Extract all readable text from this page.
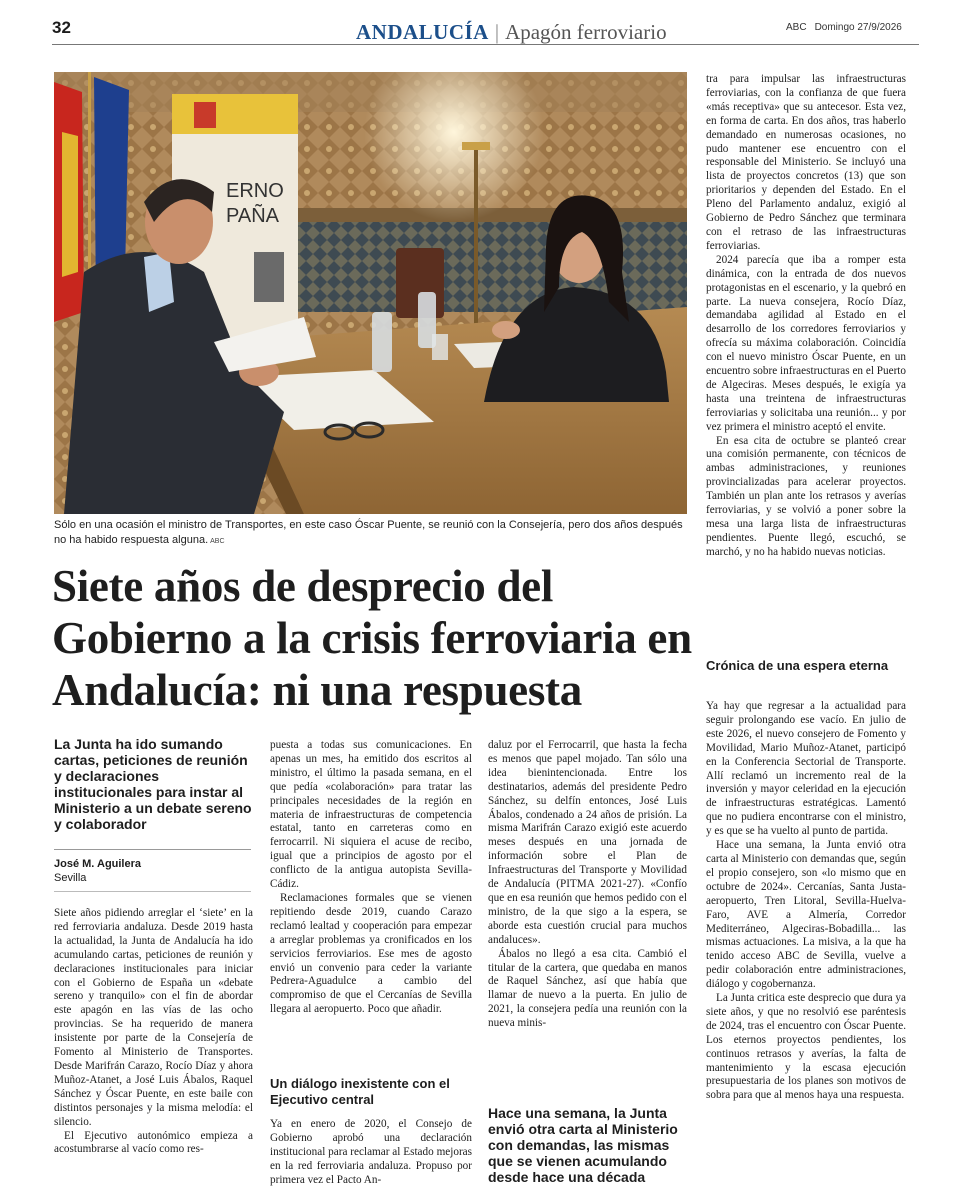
32	ANDALUCÍA | Apagón ferroviario	ABC Domingo 27/9/2026
ERNO
PAÑA
Sólo en una ocasión el ministro de Transportes, en este caso Óscar Puente, se reunió con la Consejería, pero dos años después no ha habido respuesta alguna. ABC
Siete años de desprecio del Gobierno a la crisis ferroviaria en Andalucía: ni una respuesta
La Junta ha ido sumando cartas, peticiones de reunión y declaraciones institucionales para instar al Ministerio a un debate sereno y colaborador
José M. Aguilera
Sevilla

Siete años pidiendo arreglar el ‘siete’ en la red ferroviaria andaluza. Desde 2019 hasta la actualidad, la Junta de Andalucía ha ido acumulando cartas, peticiones de reunión y declaraciones institucionales para iniciar con el Gobierno de España un «debate sereno y tranquilo» con el fin de abordar este apagón en las vías de las ocho provincias. Se ha requerido de manera insistente por parte de la Consejería de Fomento al Ministerio de Transportes. Desde Marifrán Carazo, Rocío Díaz y ahora Muñoz-Atanet, a José Luis Ábalos, Raquel Sánchez y Óscar Puente, en este baile con distintos personajes y la misma melodía: el silencio.

El Ejecutivo autonómico empieza a acostumbrarse al vacío como res-

puesta a todas sus comunicaciones. En apenas un mes, ha emitido dos escritos al ministro, el último la pasada semana, en el que pedía «colaboración» para tratar las principales necesidades de la región en materia de infraestructuras de competencia estatal, tanto en carreteras como en ferrocarril. Ni siquiera el acuse de recibo, igual que a principios de agosto por el conflicto de la antigua autopista Sevilla-Cádiz.

Reclamaciones formales que se vienen repitiendo desde 2019, cuando Carazo reclamó lealtad y cooperación para empezar a arreglar problemas ya cronificados en los servicios ferroviarios. Ese mes de agosto envió un convenio para ceder la variante Pedrera-Aguadulce a cambio del compromiso de que el Cercanías de Sevilla llegara al aeropuerto. Poco que añadir.

Un diálogo inexistente con el Ejecutivo central

Ya en enero de 2020, el Consejo de Gobierno aprobó una declaración institucional para reclamar al Estado mejoras en la red ferroviaria andaluza. Propuso por primera vez el Pacto An-

daluz por el Ferrocarril, que hasta la fecha es menos que papel mojado. Tan sólo una idea bienintencionada. Entre los destinatarios, además del presidente Pedro Sánchez, su delfín entonces, José Luis Ábalos, condenado a 24 años de prisión. La misma Marifrán Carazo exigió este acuerdo meses después en una jornada de información sobre el Plan de Infraestructuras del Transporte y Movilidad de Andalucía (PITMA 2021-27). «Confío que en esa reunión que hemos pedido con el ministro, de la que sigo a la espera, se aborde esta cuestión crucial para muchos andaluces».

Ábalos no llegó a esa cita. Cambió el titular de la cartera, que quedaba en manos de Raquel Sánchez, así que había que llamar de nuevo a la puerta. En julio de 2021, la consejera pedía una reunión con la nueva minis-

Hace una semana, la Junta envió otra carta al Ministerio con demandas, las mismas que se vienen acumulando desde hace una década

tra para impulsar las infraestructuras ferroviarias, con la confianza de que fuera «más receptiva» que su antecesor. Esta vez, en forma de carta. En dos años, tras haberlo demandado en numerosas ocasiones, no pudo mantener ese encuentro con el responsable del Ministerio. Se incluyó una lista de proyectos concretos (13) que son prioritarios y dependen del Estado. En el Pleno del Parlamento andaluz, exigió al Gobierno de Pedro Sánchez que terminara con el retraso de las infraestructuras ferroviarias.

2024 parecía que iba a romper esta dinámica, con la entrada de dos nuevos protagonistas en el escenario, y la quebró en parte. La nueva consejera, Rocío Díaz, demandaba agilidad al Estado en el desarrollo de los corredores ferroviarios y ofrecía su máxima colaboración. Coincidía con el nuevo ministro Óscar Puente, en un encuentro sobre infraestructuras en el Puerto de Algeciras. Meses después, le exigía ya hasta una treintena de infraestructuras ferroviarias y solicitaba una reunión... y por vez primera el ministro aceptó el envite.

En esa cita de octubre se planteó crear una comisión permanente, con técnicos de ambas administraciones, y reuniones provincializadas para acelerar proyectos. También un plan ante los retrasos y averías ferroviarias, y se volvió a poner sobre la mesa una larga lista de infraestructuras pendientes. Puente llegó, escuchó, se marchó, y no ha habido nuevas noticias.

Crónica de una espera eterna

Ya hay que regresar a la actualidad para seguir prolongando ese vacío. En julio de este 2026, el nuevo consejero de Fomento y Movilidad, Mario Muñoz-Atanet, participó en la Conferencia Sectorial de Transporte. Allí reclamó un incremento real de la inversión y mayor celeridad en la ejecución de infraestructuras estratégicas. Lamentó que no pudiera encontrarse con el ministro, y es que se ha vuelto al punto de partida.

Hace una semana, la Junta envió otra carta al Ministerio con demandas que, según el propio consejero, son «lo mismo que en octubre de 2024». Cercanías, Santa Justa-aeropuerto, Tren Litoral, Sevilla-Huelva-Faro, AVE a Almería, Corredor Mediterráneo, Algeciras-Bobadilla... las mismas actuaciones. La misiva, a la que ha tenido acceso ABC de Sevilla, vuelve a pedir colaboración entre administraciones, diálogo y cogobernanza.

La Junta critica este desprecio que dura ya siete años, y que no resolvió ese paréntesis de 2024, tras el encuentro con Óscar Puente. Los eternos proyectos pendientes, los continuos retrasos y averías, la falta de mantenimiento y la escasa ejecución presupuestaria de los planes son motivos de sobra para que al menos haya una respuesta.
